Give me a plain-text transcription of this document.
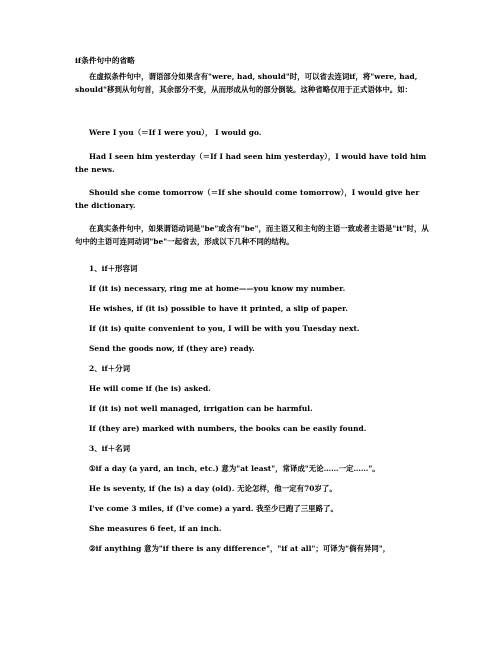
if条件句中的省略
在虚拟条件句中，谓语部分如果含有"were, had, should"时，可以省去连词if，将"were, had, should"移到从句句首，其余部分不变，从而形成从句的部分倒装。这种省略仅用于正式语体中。如：
Were I you（＝If I were you）， I would go.
Had I seen him yesterday（＝If I had seen him yesterday），I would have told him the news.
Should she come tomorrow（＝If she should come tomorrow），I would give her the dictionary.
在真实条件句中，如果谓语动词是"be"或含有"be"，而主语又和主句的主语一致或者主语是"it"时，从句中的主语可连同动词"be"一起省去，形成以下几种不同的结构。
1、if＋形容词
If (it is) necessary, ring me at home——you know my number.
He wishes, if (it is) possible to have it printed, a slip of paper.
If (it is) quite convenient to you, I will be with you Tuesday next.
Send the goods now, if (they are) ready.
2、if＋分词
He will come if (he is) asked.
If (it is) not well managed, irrigation can be harmful.
If (they are) marked with numbers, the books can be easily found.
3、if＋名词
①if a day (a yard, an inch, etc.) 意为"at least"，常译成"无论……一定……"。
He is seventy, if (he is) a day (old). 无论怎样，他一定有70岁了。
I've come 3 miles, if (I've come) a yard. 我至少已跑了三里路了。
She measures 6 feet, if an inch.
②if anything 意为"if there is any difference"，"if at all"；可译为"倘有异同"，
